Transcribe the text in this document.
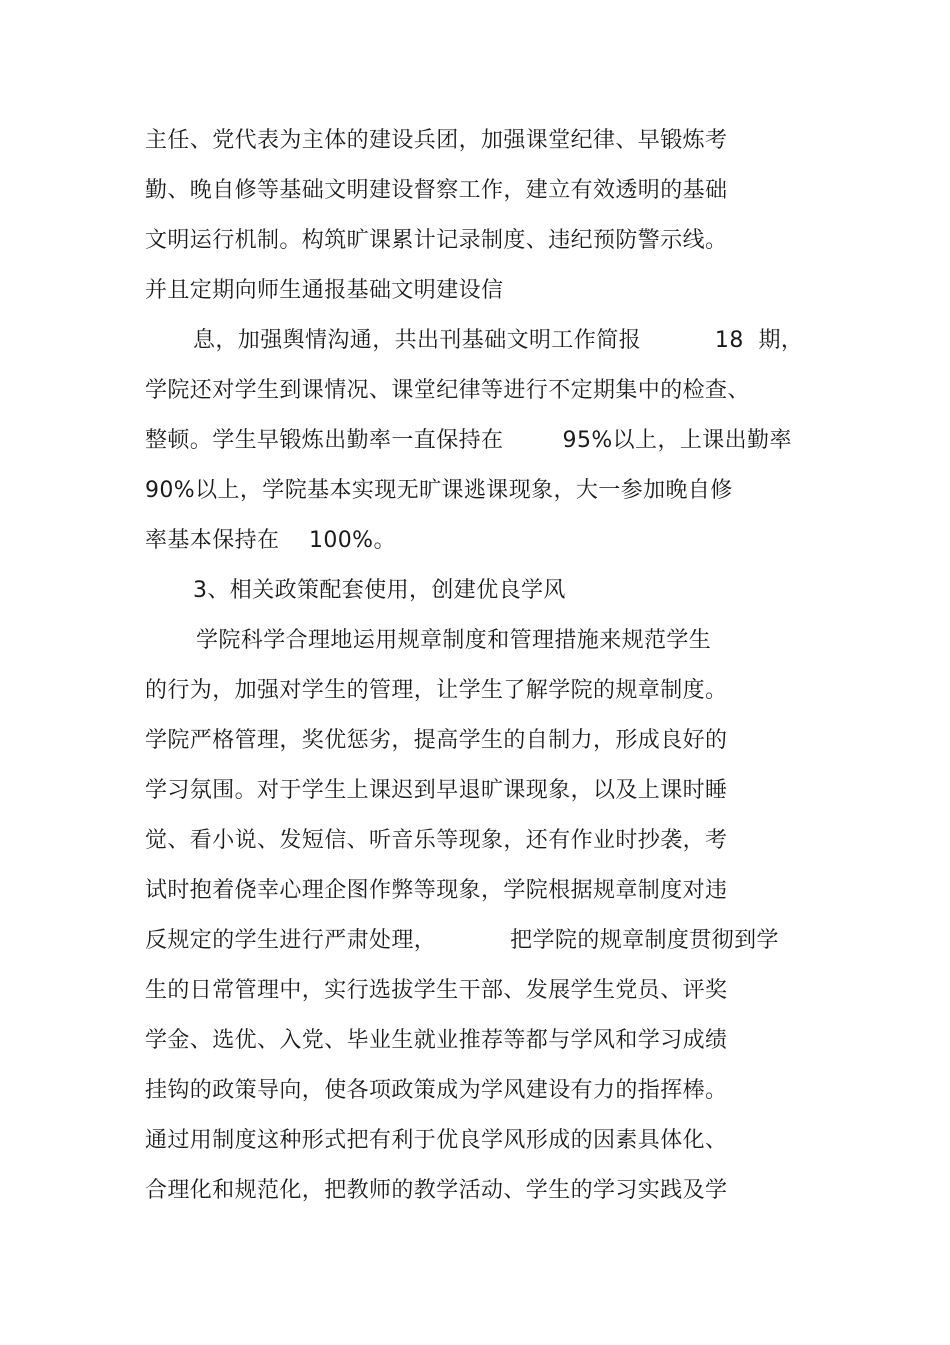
主任、党代表为主体的建设兵团，加强课堂纪律、早锻炼考
勤、晚自修等基础文明建设督察工作，建立有效透明的基础
文明运行机制。构筑旷课累计记录制度、违纪预防警示线。
并且定期向师生通报基础文明建设信
息，加强舆情沟通，共出刊基础文明工作简报          18  期，
学院还对学生到课情况、课堂纪律等进行不定期集中的检查、
整顿。学生早锻炼出勤率一直保持在        95%以上，上课出勤率
90%以上，学院基本实现无旷课逃课现象，大一参加晚自修
率基本保持在    100%。
3、相关政策配套使用，创建优良学风
学院科学合理地运用规章制度和管理措施来规范学生
的行为，加强对学生的管理，让学生了解学院的规章制度。
学院严格管理，奖优惩劣，提高学生的自制力，形成良好的
学习氛围。对于学生上课迟到早退旷课现象，以及上课时睡
觉、看小说、发短信、听音乐等现象，还有作业时抄袭，考
试时抱着侥幸心理企图作弊等现象，学院根据规章制度对违
反规定的学生进行严肃处理，          把学院的规章制度贯彻到学
生的日常管理中，实行选拔学生干部、发展学生党员、评奖
学金、选优、入党、毕业生就业推荐等都与学风和学习成绩
挂钩的政策导向，使各项政策成为学风建设有力的指挥棒。
通过用制度这种形式把有利于优良学风形成的因素具体化、
合理化和规范化，把教师的教学活动、学生的学习实践及学
